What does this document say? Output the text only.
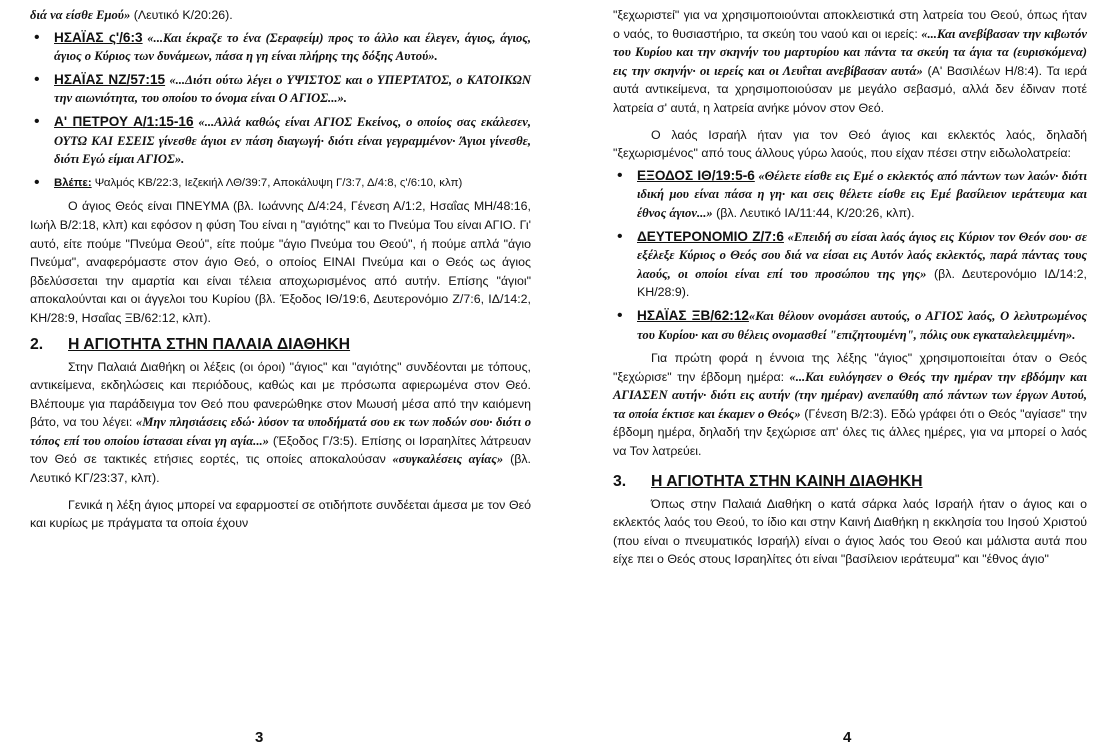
διά να είσθε Εμού» (Λευτικό Κ/20:26).

• ΗΣΑΪΑΣ ς'/6:3 «...Και έκραζε το ένα (Σεραφείμ) προς το άλλο και έλεγεν, άγιος, άγιος, άγιος ο Κύριος των δυνάμεων, πάσα η γη είναι πλήρης της δόξης Αυτού».
• ΗΣΑΪΑΣ ΝΖ/57:15 «...Διότι ούτω λέγει ο ΥΨΙΣΤΟΣ και ο ΥΠΕΡΤΑΤΟΣ, ο ΚΑΤΟΙΚΩΝ την αιωνιότητα, του οποίου το όνομα είναι Ο ΑΓΙΟΣ...».
• Α' ΠΕΤΡΟΥ Α/1:15-16 «...Αλλά καθώς είναι ΑΓΙΟΣ Εκείνος, ο οποίος σας εκάλεσεν, ΟΥΤΩ ΚΑΙ ΕΣΕΙΣ γίνεσθε άγιοι εν πάση διαγωγή· διότι είναι γεγραμμένον· Άγιοι γίνεσθε, διότι Εγώ είμαι ΑΓΙΟΣ».
• Βλέπε: Ψαλμός ΚΒ/22:3, Ιεζεκιήλ ΛΘ/39:7, Αποκάλυψη Γ/3:7, Δ/4:8, ς'/6:10, κλπ)

Ο άγιος Θεός είναι ΠΝΕΥΜΑ (βλ. Ιωάννης Δ/4:24, Γένεση Α/1:2, Ησαΐας ΜΗ/48:16, Ιωήλ Β/2:18, κλπ) και εφόσον η φύση Του είναι η "αγιότης" και το Πνεύμα Του είναι ΑΓΙΟ. Γι' αυτό, είτε πούμε "Πνεύμα Θεού", είτε πούμε "άγιο Πνεύμα του Θεού", ή πούμε απλά "άγιο Πνεύμα", αναφερόμαστε στον άγιο Θεό, ο οποίος ΕΙΝΑΙ Πνεύμα και ο Θεός ως άγιος βδελύσσεται την αμαρτία και είναι τέλεια αποχωρισμένος από αυτήν. Επίσης "άγιοι" αποκαλούνται και οι άγγελοι του Κυρίου (βλ. Έξοδος ΙΘ/19:6, Δευτερονόμιο Ζ/7:6, ΙΔ/14:2, ΚΗ/28:9, Ησαΐας ΞΒ/62:12, κλπ).

2. Η ΑΓΙΟΤΗΤΑ ΣΤΗΝ ΠΑΛΑΙΑ ΔΙΑΘΗΚΗ

Στην Παλαιά Διαθήκη οι λέξεις (οι όροι) "άγιος" και "αγιότης" συνδέονται με τόπους, αντικείμενα, εκδηλώσεις και περιόδους, καθώς και με πρόσωπα αφιερωμένα στον Θεό. Βλέπουμε για παράδειγμα τον Θεό που φανερώθηκε στον Μωυσή μέσα από την καιόμενη βάτο, να του λέγει: «Μην πλησιάσεις εδώ· λύσον τα υποδήματά σου εκ των ποδών σου· διότι ο τόπος επί του οποίου ίστασαι είναι γη αγία...» (Έξοδος Γ/3:5). Επίσης οι Ισραηλίτες λάτρευαν τον Θεό σε τακτικές ετήσιες εορτές, τις οποίες αποκαλούσαν «συγκαλέσεις αγίας» (βλ. Λευτικό ΚΓ/23:37, κλπ).

Γενικά η λέξη άγιος μπορεί να εφαρμοστεί σε οτιδήποτε συνδέεται άμεσα με τον Θεό και κυρίως με πράγματα τα οποία έχουν

3

"ξεχωριστεί" για να χρησιμοποιούνται αποκλειστικά στη λατρεία του Θεού, όπως ήταν ο ναός, το θυσιαστήριο, τα σκεύη του ναού και οι ιερείς: «...Και ανεβίβασαν την κιβωτόν του Κυρίου και την σκηνήν του μαρτυρίου και πάντα τα σκεύη τα άγια τα (ευρισκόμενα) εις την σκηνήν· οι ιερείς και οι Λευΐται ανεβίβασαν αυτά» (Α' Βασιλέων Η/8:4). Τα ιερά αυτά αντικείμενα, τα χρησιμοποιούσαν με μεγάλο σεβασμό, αλλά δεν έδιναν ποτέ λατρεία σ' αυτά, η λατρεία ανήκε μόνον στον Θεό.

Ο λαός Ισραήλ ήταν για τον Θεό άγιος και εκλεκτός λαός, δηλαδή "ξεχωρισμένος" από τους άλλους γύρω λαούς, που είχαν πέσει στην ειδωλολατρεία:

• ΕΞΟΔΟΣ ΙΘ/19:5-6 «Θέλετε είσθε εις Εμέ ο εκλεκτός από πάντων των λαών· διότι ιδική μου είναι πάσα η γη· και σεις θέλετε είσθε εις Εμέ βασίλειον ιεράτευμα και έθνος άγιον...» (βλ. Λευτικό ΙΑ/11:44, Κ/20:26, κλπ).
• ΔΕΥΤΕΡΟΝΟΜΙΟ Ζ/7:6 «Επειδή συ είσαι λαός άγιος εις Κύριον τον Θεόν σου· σε εξέλεξε Κύριος ο Θεός σου διά να είσαι εις Αυτόν λαός εκλεκτός, παρά πάντας τους λαούς, οι οποίοι είναι επί του προσώπου της γης» (βλ. Δευτερονόμιο ΙΔ/14:2, ΚΗ/28:9).
• ΗΣΑΪΑΣ ΞΒ/62:12«Και θέλουν ονομάσει αυτούς, ο ΑΓΙΟΣ λαός, Ο λελυτρωμένος του Κυρίου· και συ θέλεις ονομασθεί "επιζητουμένη", πόλις ουκ εγκαταλελειμμένη».

Για πρώτη φορά η έννοια της λέξης "άγιος" χρησιμοποιείται όταν ο Θεός "ξεχώρισε" την έβδομη ημέρα: «...Και ευλόγησεν ο Θεός την ημέραν την εβδόμην και ΑΓΙΑΣΕΝ αυτήν· διότι εις αυτήν (την ημέραν) ανεπαύθη από πάντων των έργων Αυτού, τα οποία έκτισε και έκαμεν ο Θεός» (Γένεση Β/2:3). Εδώ γράφει ότι ο Θεός "αγίασε" την έβδομη ημέρα, δηλαδή την ξεχώρισε απ' όλες τις άλλες ημέρες, για να μπορεί ο λαός να Τον λατρεύει.

3. Η ΑΓΙΟΤΗΤΑ ΣΤΗΝ ΚΑΙΝΗ ΔΙΑΘΗΚΗ

Όπως στην Παλαιά Διαθήκη ο κατά σάρκα λαός Ισραήλ ήταν ο άγιος και ο εκλεκτός λαός του Θεού, το ίδιο και στην Καινή Διαθήκη η εκκλησία του Ιησού Χριστού (που είναι ο πνευματικός Ισραήλ) είναι ο άγιος λαός του Θεού και μάλιστα αυτά που είχε πει ο Θεός στους Ισραηλίτες ότι είναι "βασίλειον ιεράτευμα" και "έθνος άγιο"

4
